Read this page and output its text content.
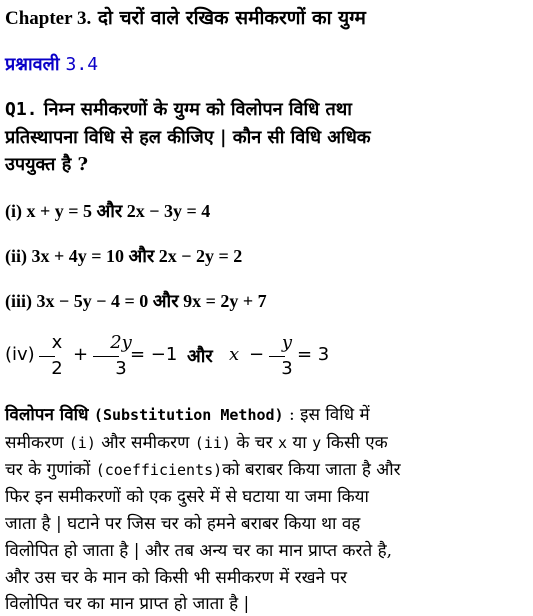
Chapter 3. दो चरों वाले रखिक समीकरणों का युग्म
प्रश्नावली 3.4
Q1. निम्न समीकरणों के युग्म को विलोपन विधि तथा
प्रतिस्थापना विधि से हल कीजिए | कौन सी विधि अधिक
उपयुक्त है ?
(i) x + y = 5 और 2x − 3y = 4
(ii) 3x + 4y = 10 और 2x − 2y = 2
(iii) 3x − 5y − 4 = 0 और 9x = 2y + 7
(iv)
x
2
+
2y
3
= −1 और x −
y
3
= 3
विलोपन विधि (Substitution Method) : इस विधि में
समीकरण (i) और समीकरण (ii) के चर x या y किसी एक
चर के गुणांकों (coefficients)को बराबर किया जाता है और
फिर इन समीकरणों को एक दुसरे में से घटाया या जमा किया
जाता है | घटाने पर जिस चर को हमने बराबर किया था वह
विलोपित हो जाता है | और तब अन्य चर का मान प्राप्त करते है,
और उस चर के मान को किसी भी समीकरण में रखने पर
विलोपित चर का मान प्राप्त हो जाता है |
